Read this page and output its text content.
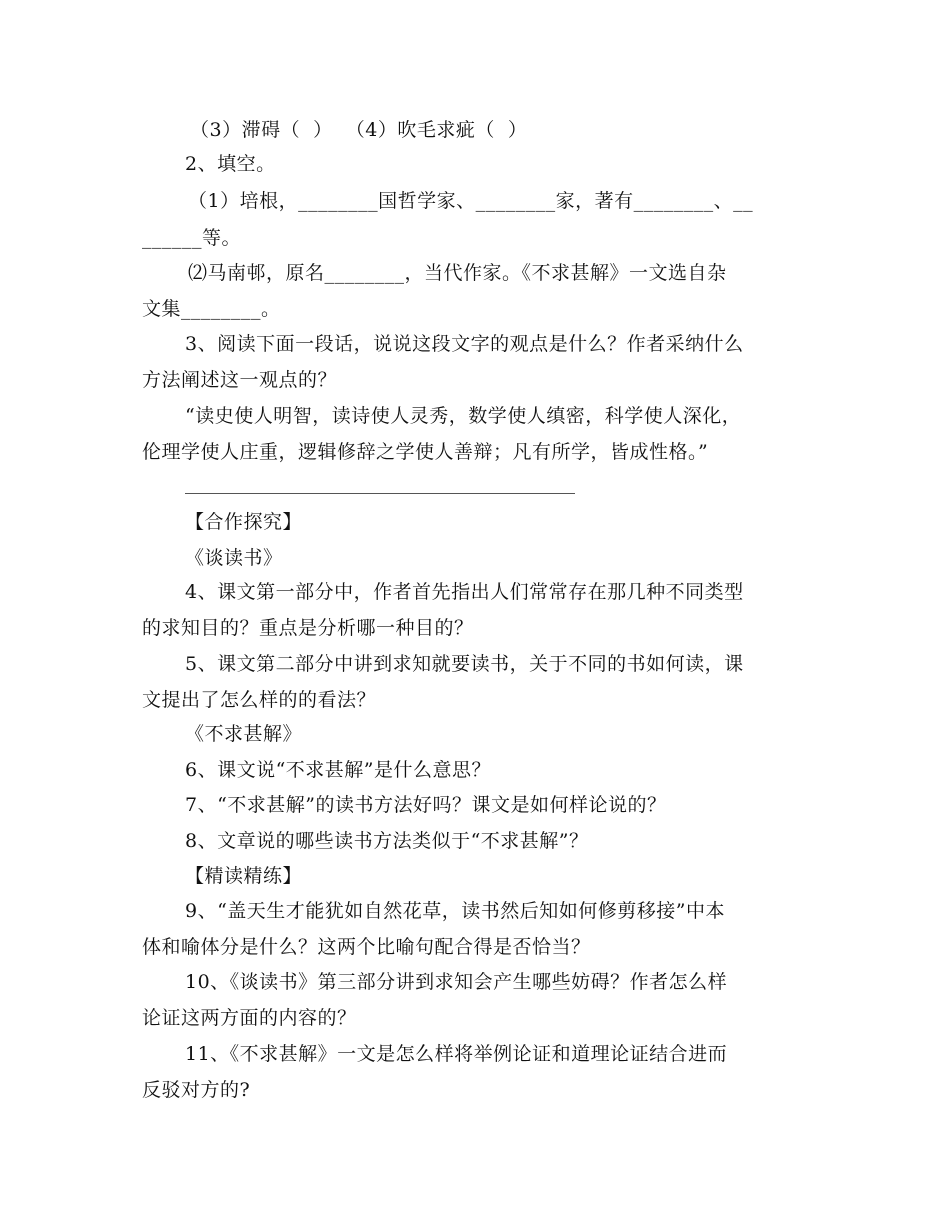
（3）滞碍（  ）  （4）吹毛求疵（  ）
2、填空。
（1）培根，________国哲学家、________家，著有________、__
______等。
⑵马南邨，原名________，当代作家。《不求甚解》一文选自杂
文集________。
3、阅读下面一段话，说说这段文字的观点是什么？作者采纳什么
方法阐述这一观点的？
“读史使人明智，读诗使人灵秀，数学使人缜密，科学使人深化，
伦理学使人庄重，逻辑修辞之学使人善辩；凡有所学，皆成性格。”
【合作探究】
《谈读书》
4、课文第一部分中，作者首先指出人们常常存在那几种不同类型
的求知目的？重点是分析哪一种目的？
5、课文第二部分中讲到求知就要读书，关于不同的书如何读，课
文提出了怎么样的的看法？
《不求甚解》
6、课文说“不求甚解”是什么意思？
7、“不求甚解”的读书方法好吗？课文是如何样论说的？
8、文章说的哪些读书方法类似于“不求甚解”？
【精读精练】
9、“盖天生才能犹如自然花草，读书然后知如何修剪移接”中本
体和喻体分是什么？这两个比喻句配合得是否恰当？
10、《谈读书》第三部分讲到求知会产生哪些妨碍？作者怎么样
论证这两方面的内容的？
11、《不求甚解》一文是怎么样将举例论证和道理论证结合进而
反驳对方的?
